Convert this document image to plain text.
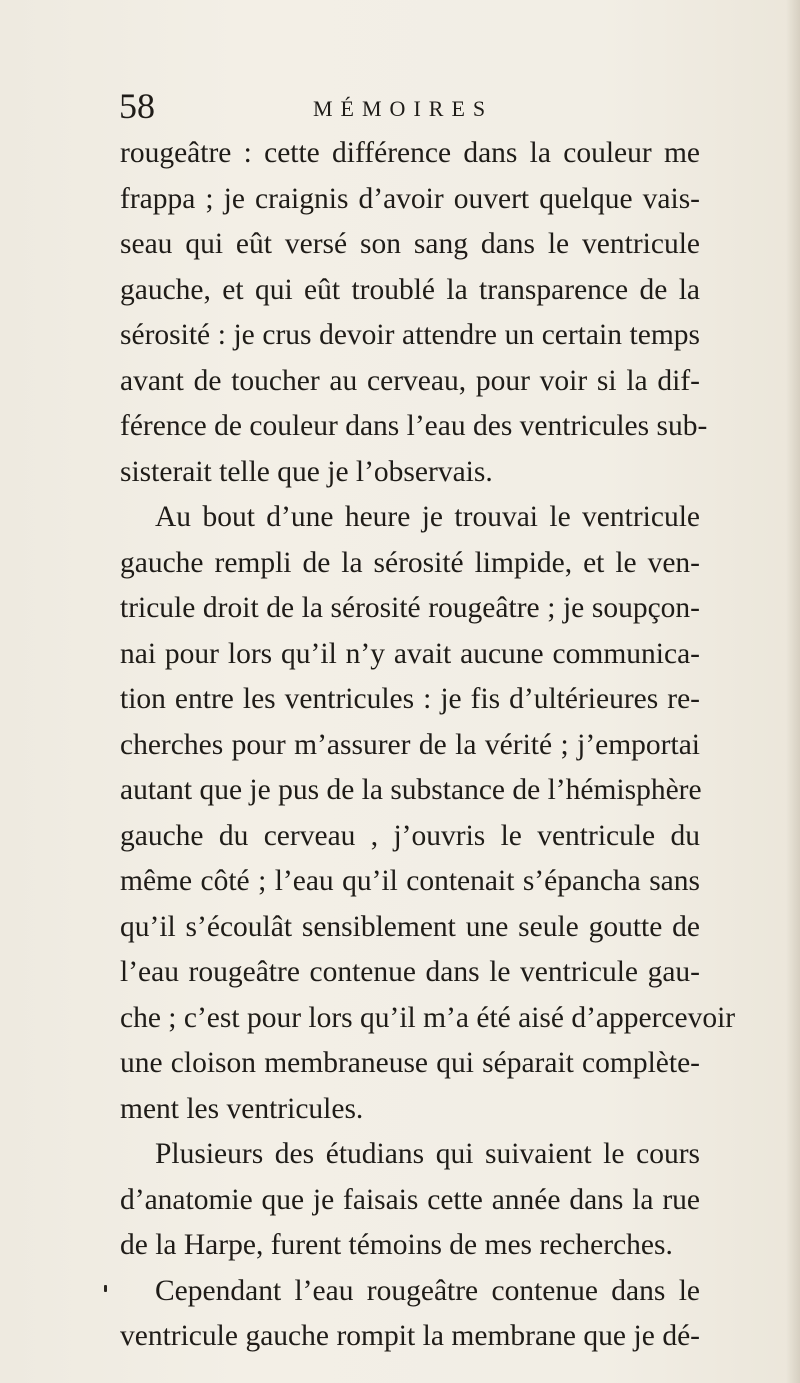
58	MÉMOIRES
rougeâtre : cette différence dans la couleur me
frappa ; je craignis d’avoir ouvert quelque vais-
seau qui eût versé son sang dans le ventricule
gauche, et qui eût troublé la transparence de la
sérosité : je crus devoir attendre un certain temps
avant de toucher au cerveau, pour voir si la dif-
férence de couleur dans l’eau des ventricules sub-
sisterait telle que je l’observais.
Au bout d’une heure je trouvai le ventricule
gauche rempli de la sérosité limpide, et le ven-
tricule droit de la sérosité rougeâtre ; je soupçon-
nai pour lors qu’il n’y avait aucune communica-
tion entre les ventricules : je fis d’ultérieures re-
cherches pour m’assurer de la vérité ; j’emportai
autant que je pus de la substance de l’hémisphère
gauche du cerveau , j’ouvris le ventricule du
même côté ; l’eau qu’il contenait s’épancha sans
qu’il s’écoulât sensiblement une seule goutte de
l’eau rougeâtre contenue dans le ventricule gau-
che ; c’est pour lors qu’il m’a été aisé d’appercevoir
une cloison membraneuse qui séparait complète-
ment les ventricules.
Plusieurs des étudians qui suivaient le cours
d’anatomie que je faisais cette année dans la rue
de la Harpe, furent témoins de mes recherches.
Cependant l’eau rougeâtre contenue dans le
ventricule gauche rompit la membrane que je dé-
